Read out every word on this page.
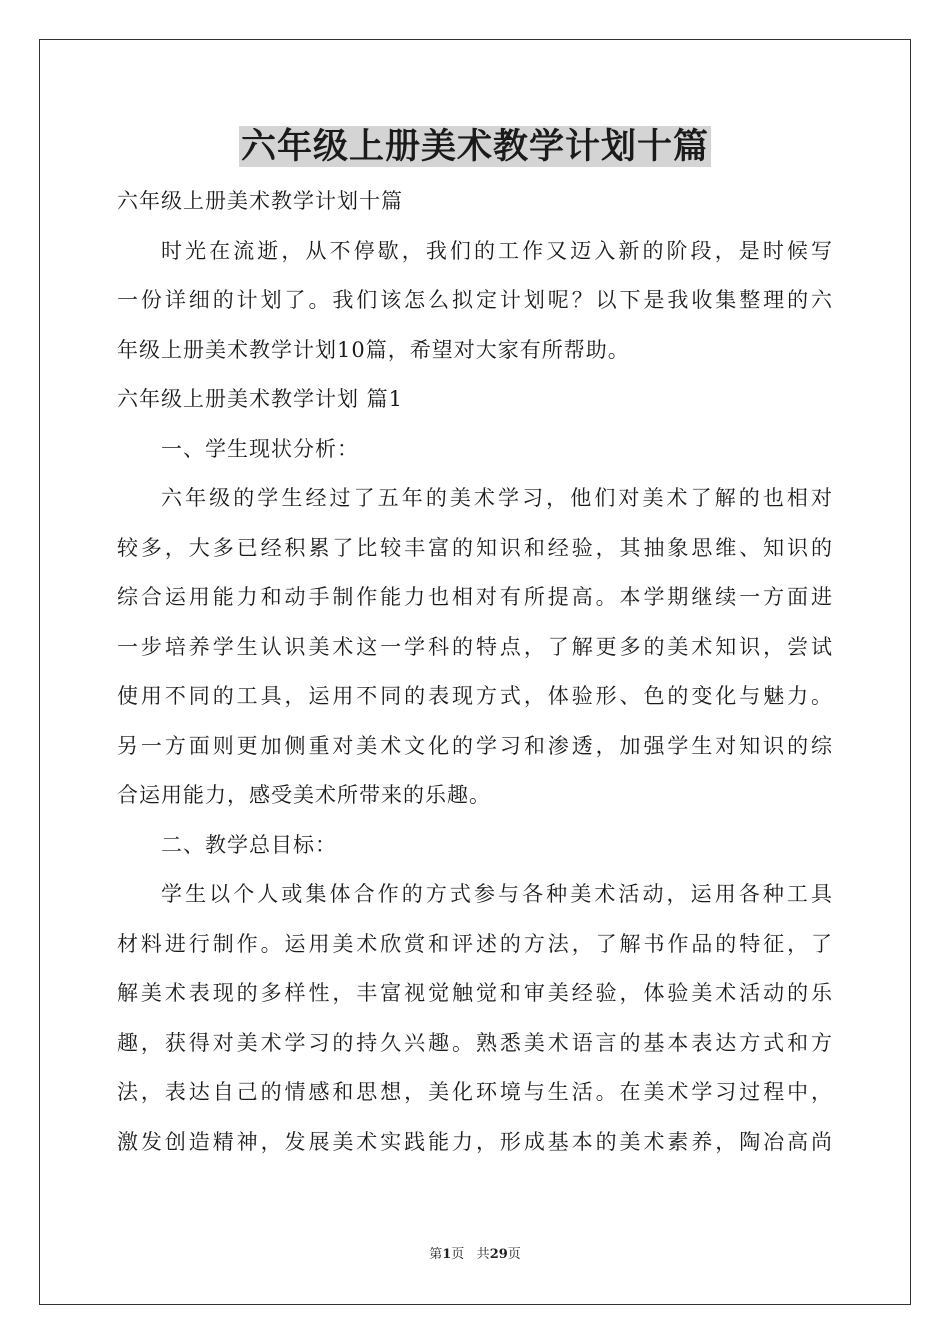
六年级上册美术教学计划十篇
六年级上册美术教学计划十篇
时光在流逝，从不停歇，我们的工作又迈入新的阶段，是时候写
一份详细的计划了。我们该怎么拟定计划呢？以下是我收集整理的六
年级上册美术教学计划10篇，希望对大家有所帮助。
六年级上册美术教学计划 篇1
一、学生现状分析：
六年级的学生经过了五年的美术学习，他们对美术了解的也相对
较多，大多已经积累了比较丰富的知识和经验，其抽象思维、知识的
综合运用能力和动手制作能力也相对有所提高。本学期继续一方面进
一步培养学生认识美术这一学科的特点，了解更多的美术知识，尝试
使用不同的工具，运用不同的表现方式，体验形、色的变化与魅力。
另一方面则更加侧重对美术文化的学习和渗透，加强学生对知识的综
合运用能力，感受美术所带来的乐趣。
二、教学总目标：
学生以个人或集体合作的方式参与各种美术活动，运用各种工具
材料进行制作。运用美术欣赏和评述的方法，了解书作品的特征，了
解美术表现的多样性，丰富视觉触觉和审美经验，体验美术活动的乐
趣，获得对美术学习的持久兴趣。熟悉美术语言的基本表达方式和方
法，表达自己的情感和思想，美化环境与生活。在美术学习过程中，
激发创造精神，发展美术实践能力，形成基本的美术素养，陶冶高尚
第1页 共29页
